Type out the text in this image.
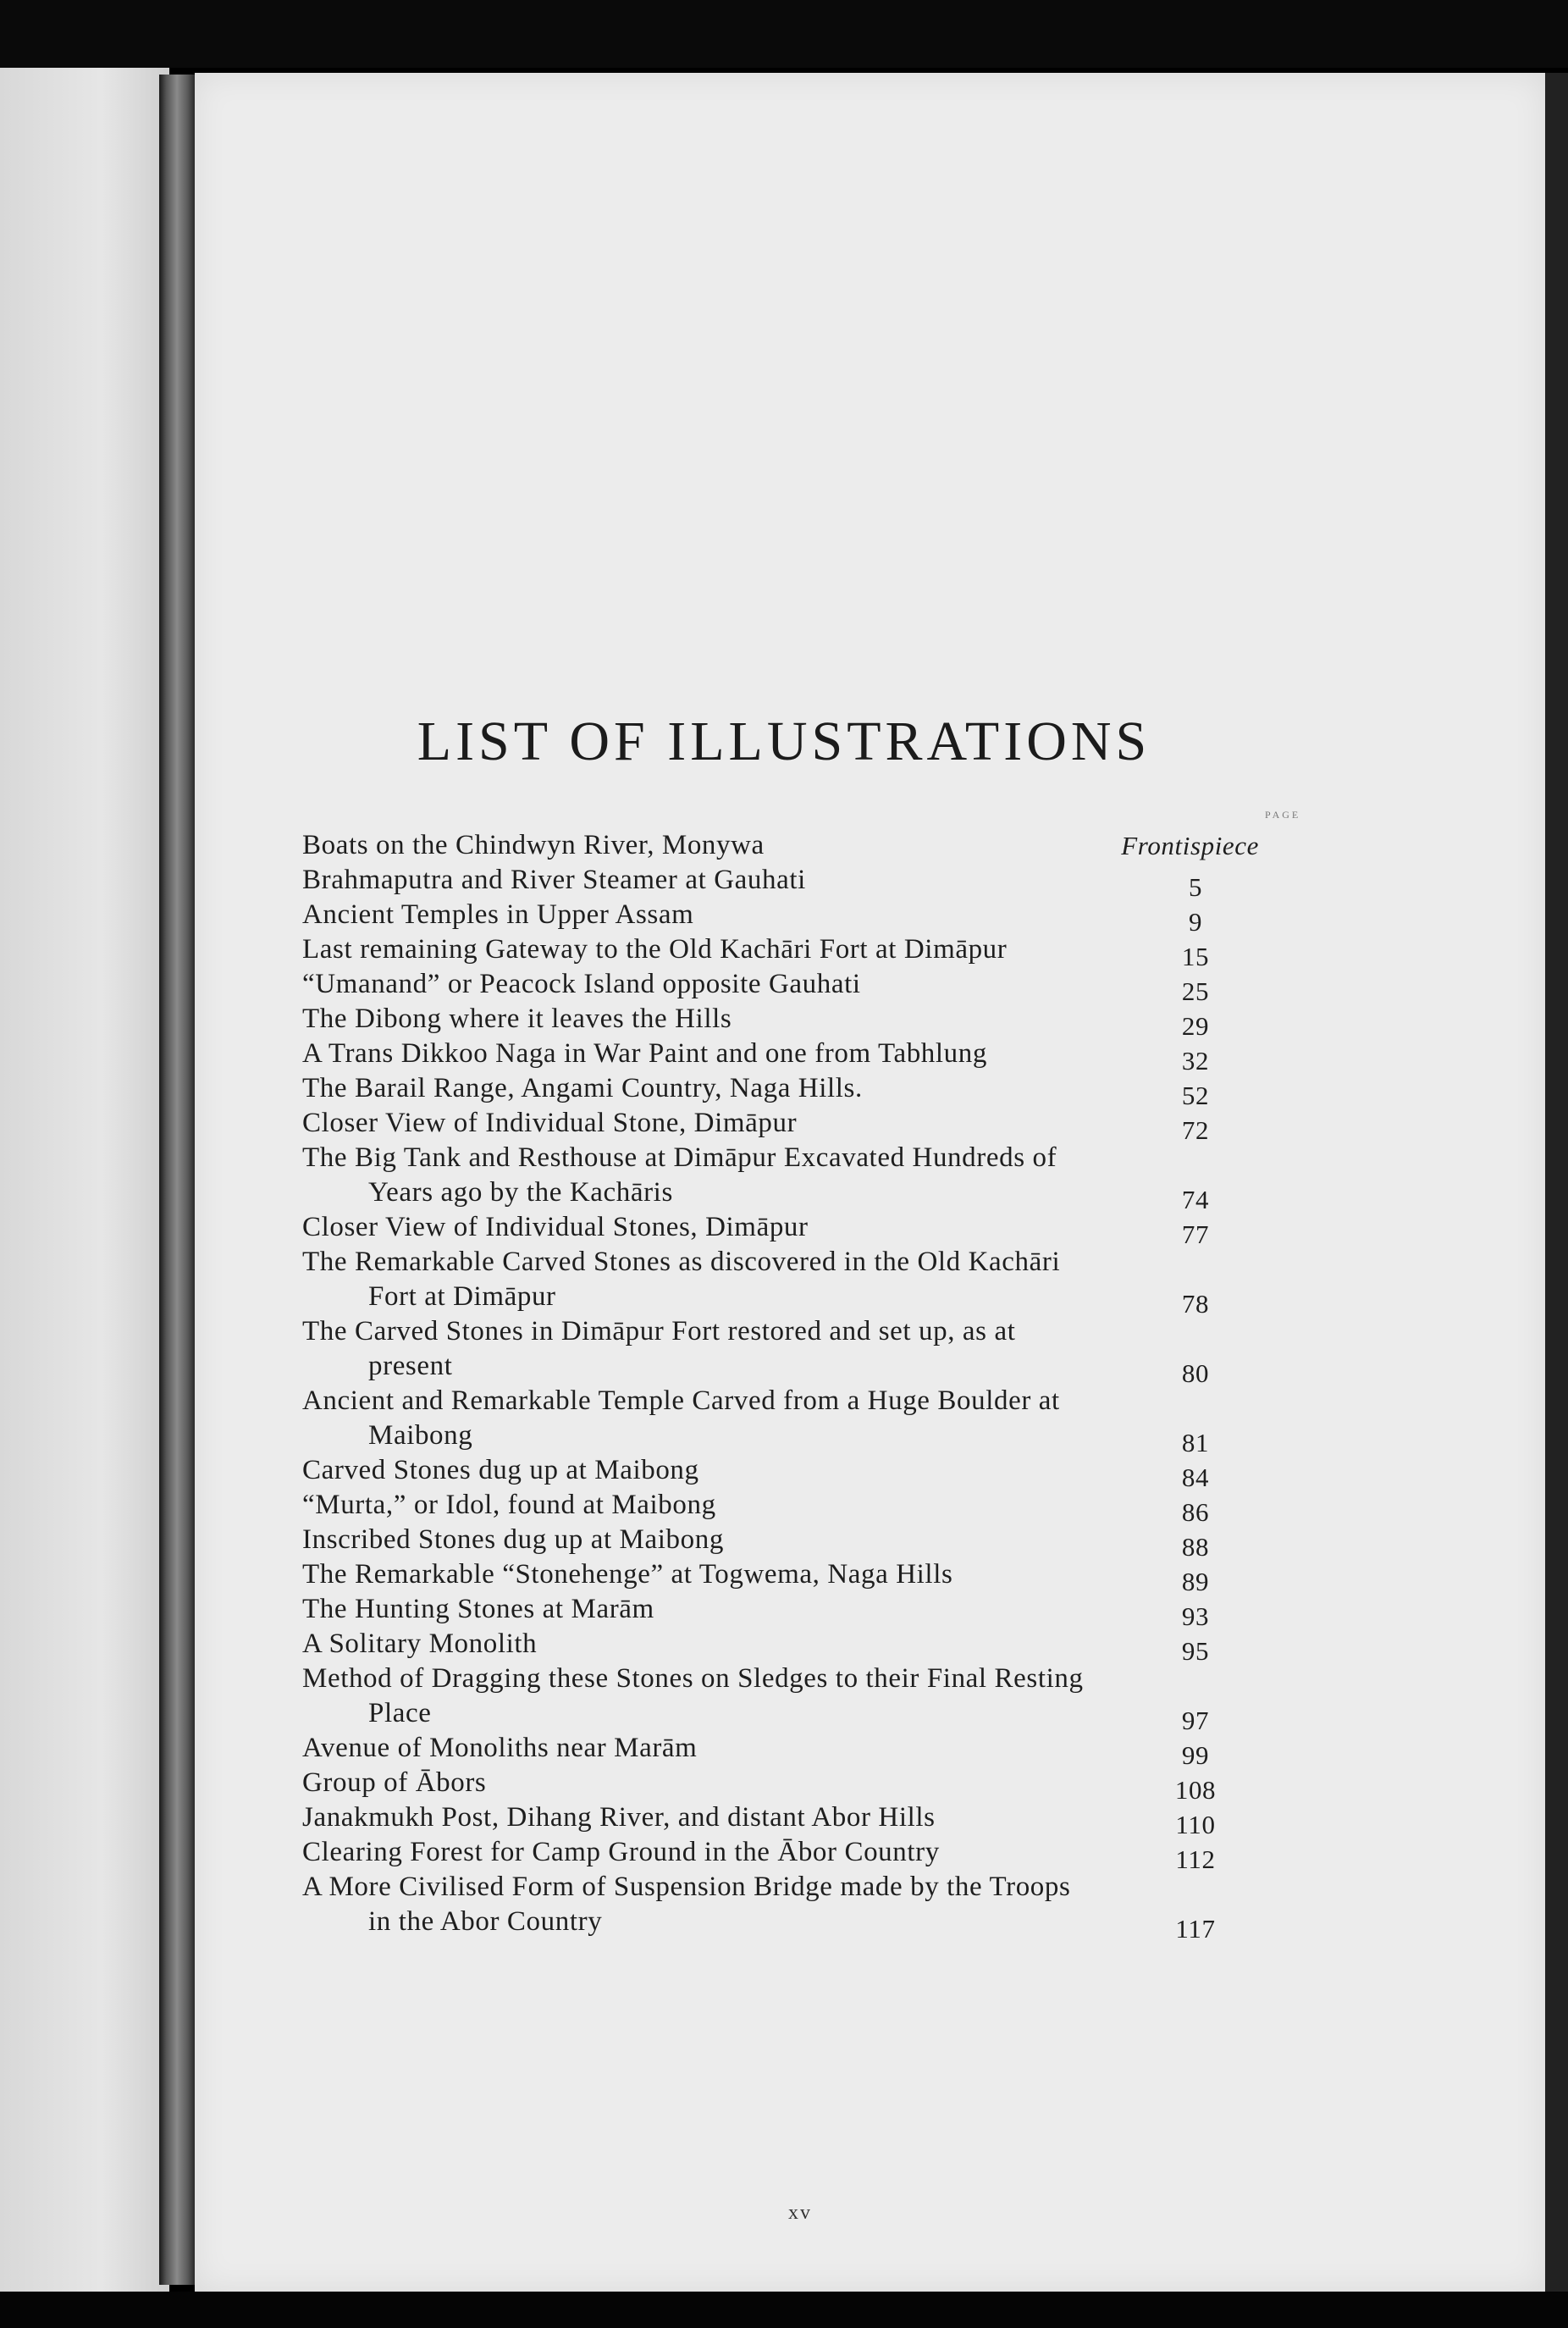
LIST OF ILLUSTRATIONS
PAGE
Boats on the Chindwyn River, Monywa	Frontispiece
Brahmaputra and River Steamer at Gauhati	5
Ancient Temples in Upper Assam	9
Last remaining Gateway to the Old Kachāri Fort at Dimāpur	15
“Umanand” or Peacock Island opposite Gauhati	25
The Dibong where it leaves the Hills	29
A Trans Dikkoo Naga in War Paint and one from Tabhlung	32
The Barail Range, Angami Country, Naga Hills.	52
Closer View of Individual Stone, Dimāpur	72
The Big Tank and Resthouse at Dimāpur Excavated Hundreds of
Years ago by the Kachāris	74
Closer View of Individual Stones, Dimāpur	77
The Remarkable Carved Stones as discovered in the Old Kachāri
Fort at Dimāpur	78
The Carved Stones in Dimāpur Fort restored and set up, as at
present	80
Ancient and Remarkable Temple Carved from a Huge Boulder at
Maibong	81
Carved Stones dug up at Maibong	84
“Murta,” or Idol, found at Maibong	86
Inscribed Stones dug up at Maibong	88
The Remarkable “Stonehenge” at Togwema, Naga Hills	89
The Hunting Stones at Marām	93
A Solitary Monolith	95
Method of Dragging these Stones on Sledges to their Final Resting
Place	97
Avenue of Monoliths near Marām	99
Group of Ābors	108
Janakmukh Post, Dihang River, and distant Abor Hills	110
Clearing Forest for Camp Ground in the Ābor Country	112
A More Civilised Form of Suspension Bridge made by the Troops
in the Abor Country	117
xv
